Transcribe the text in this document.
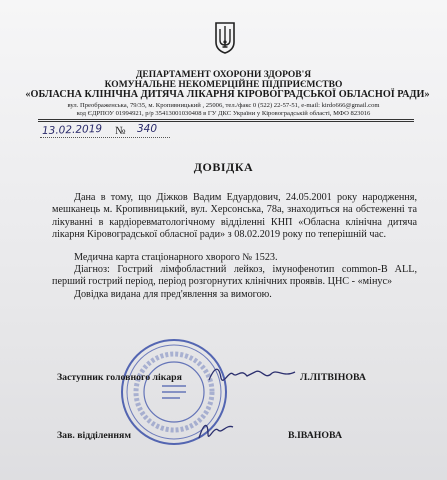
ДЕПАРТАМЕНТ ОХОРОНИ ЗДОРОВ'Я
КОМУНАЛЬНЕ НЕКОМЕРЦІЙНЕ ПІДПРИЄМСТВО
«ОБЛАСНА КЛІНІЧНА ДИТЯЧА ЛІКАРНЯ КІРОВОГРАДСЬКОЇ ОБЛАСНОЇ РАДИ»
вул. Преображенська, 79/35, м. Кропивницький , 25006, тел./факс 0 (522) 22-57-51, e-mail: kirdo666@gmail.com
код ЄДРПОУ 01994921, р/р 35413001030408 в ГУ ДКС України у Кіровоградській області, МФО 823016
13.02.2019 № 340
ДОВІДКА

Дана в тому, що Діжков Вадим Едуардович, 24.05.2001 року народження, мешканець м. Кропивницький, вул. Херсонська, 78а, знаходиться на обстеженні та лікуванні в кардіоревматологічному відділенні КНП «Обласна клінічна дитяча лікарня Кіровоградської обласної ради» з 08.02.2019 року по теперішній час.

Медична карта стаціонарного хворого № 1523.

Діагноз: Гострий лімфобластний лейкоз, імунофенотип common-B ALL, перший гострий період, період розгорнутих клінічних проявів. ЦНС - «мінус»

Довідка видана для пред'явлення за вимогою.

Заступник головного лікаря	Л.ЛІТВІНОВА
Зав. відділенням	В.ІВАНОВА
